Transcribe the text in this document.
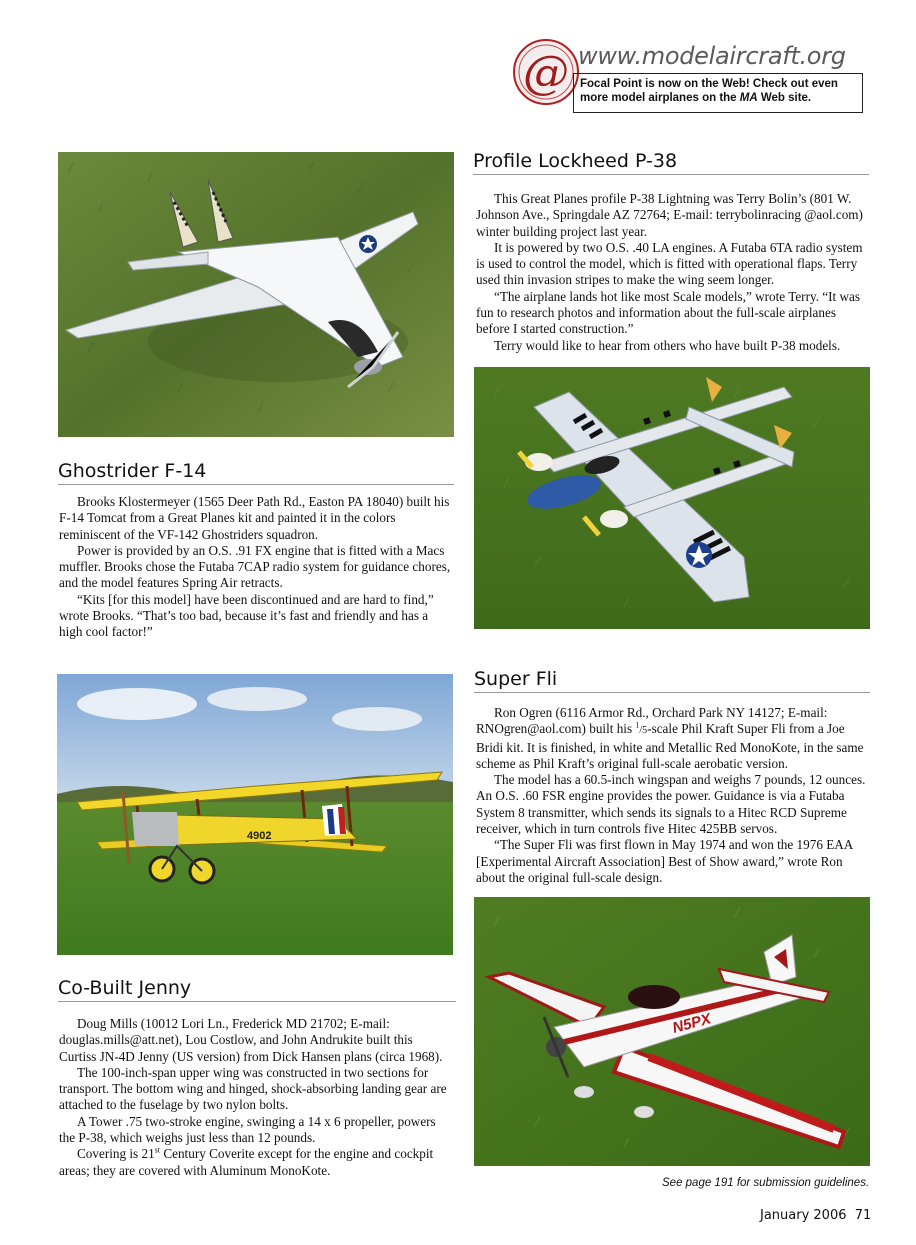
@ www.modelaircraft.org
Focal Point is now on the Web! Check out even
more model airplanes on the MA Web site.
Profile Lockheed P-38

This Great Planes profile P-38 Lightning was Terry Bolin’s (801 W. Johnson Ave., Springdale AZ 72764; E-mail: terrybolinracing @aol.com) winter building project last year.

It is powered by two O.S. .40 LA engines. A Futaba 6TA radio system is used to control the model, which is fitted with operational flaps. Terry used thin invasion stripes to make the wing seem longer.

“The airplane lands hot like most Scale models,” wrote Terry. “It was fun to research photos and information about the full-scale airplanes before I started construction.”

Terry would like to hear from others who have built P-38 models.

Ghostrider F-14

Brooks Klostermeyer (1565 Deer Path Rd., Easton PA 18040) built his F-14 Tomcat from a Great Planes kit and painted it in the colors reminiscent of the VF-142 Ghostriders squadron.

Power is provided by an O.S. .91 FX engine that is fitted with a Macs muffler. Brooks chose the Futaba 7CAP radio system for guidance chores, and the model features Spring Air retracts.

“Kits [for this model] have been discontinued and are hard to find,” wrote Brooks. “That’s too bad, because it’s fast and friendly and has a high cool factor!”

4902
Super Fli

Ron Ogren (6116 Armor Rd., Orchard Park NY 14127; E-mail: RNOgren@aol.com) built his $^1$/5-scale Phil Kraft Super Fli from a Joe Bridi kit. It is finished, in white and Metallic Red MonoKote, in the same scheme as Phil Kraft’s original full-scale aerobatic version.

The model has a 60.5-inch wingspan and weighs 7 pounds, 12 ounces. An O.S. .60 FSR engine provides the power. Guidance is via a Futaba System 8 transmitter, which sends its signals to a Hitec RCD Supreme receiver, which in turn controls five Hitec 425BB servos.

“The Super Fli was first flown in May 1974 and won the 1976 EAA [Experimental Aircraft Association] Best of Show award,” wrote Ron about the original full-scale design.

N5PX
Co-Built Jenny

Doug Mills (10012 Lori Ln., Frederick MD 21702; E-mail: douglas.mills@att.net), Lou Costlow, and John Andrukite built this Curtiss JN-4D Jenny (US version) from Dick Hansen plans (circa 1968).

The 100-inch-span upper wing was constructed in two sections for transport. The bottom wing and hinged, shock-absorbing landing gear are attached to the fuselage by two nylon bolts.

A Tower .75 two-stroke engine, swinging a 14 x 6 propeller, powers the P-38, which weighs just less than 12 pounds.

Covering is 21st Century Coverite except for the engine and cockpit areas; they are covered with Aluminum MonoKote.

See page 191 for submission guidelines.
January 2006 71
